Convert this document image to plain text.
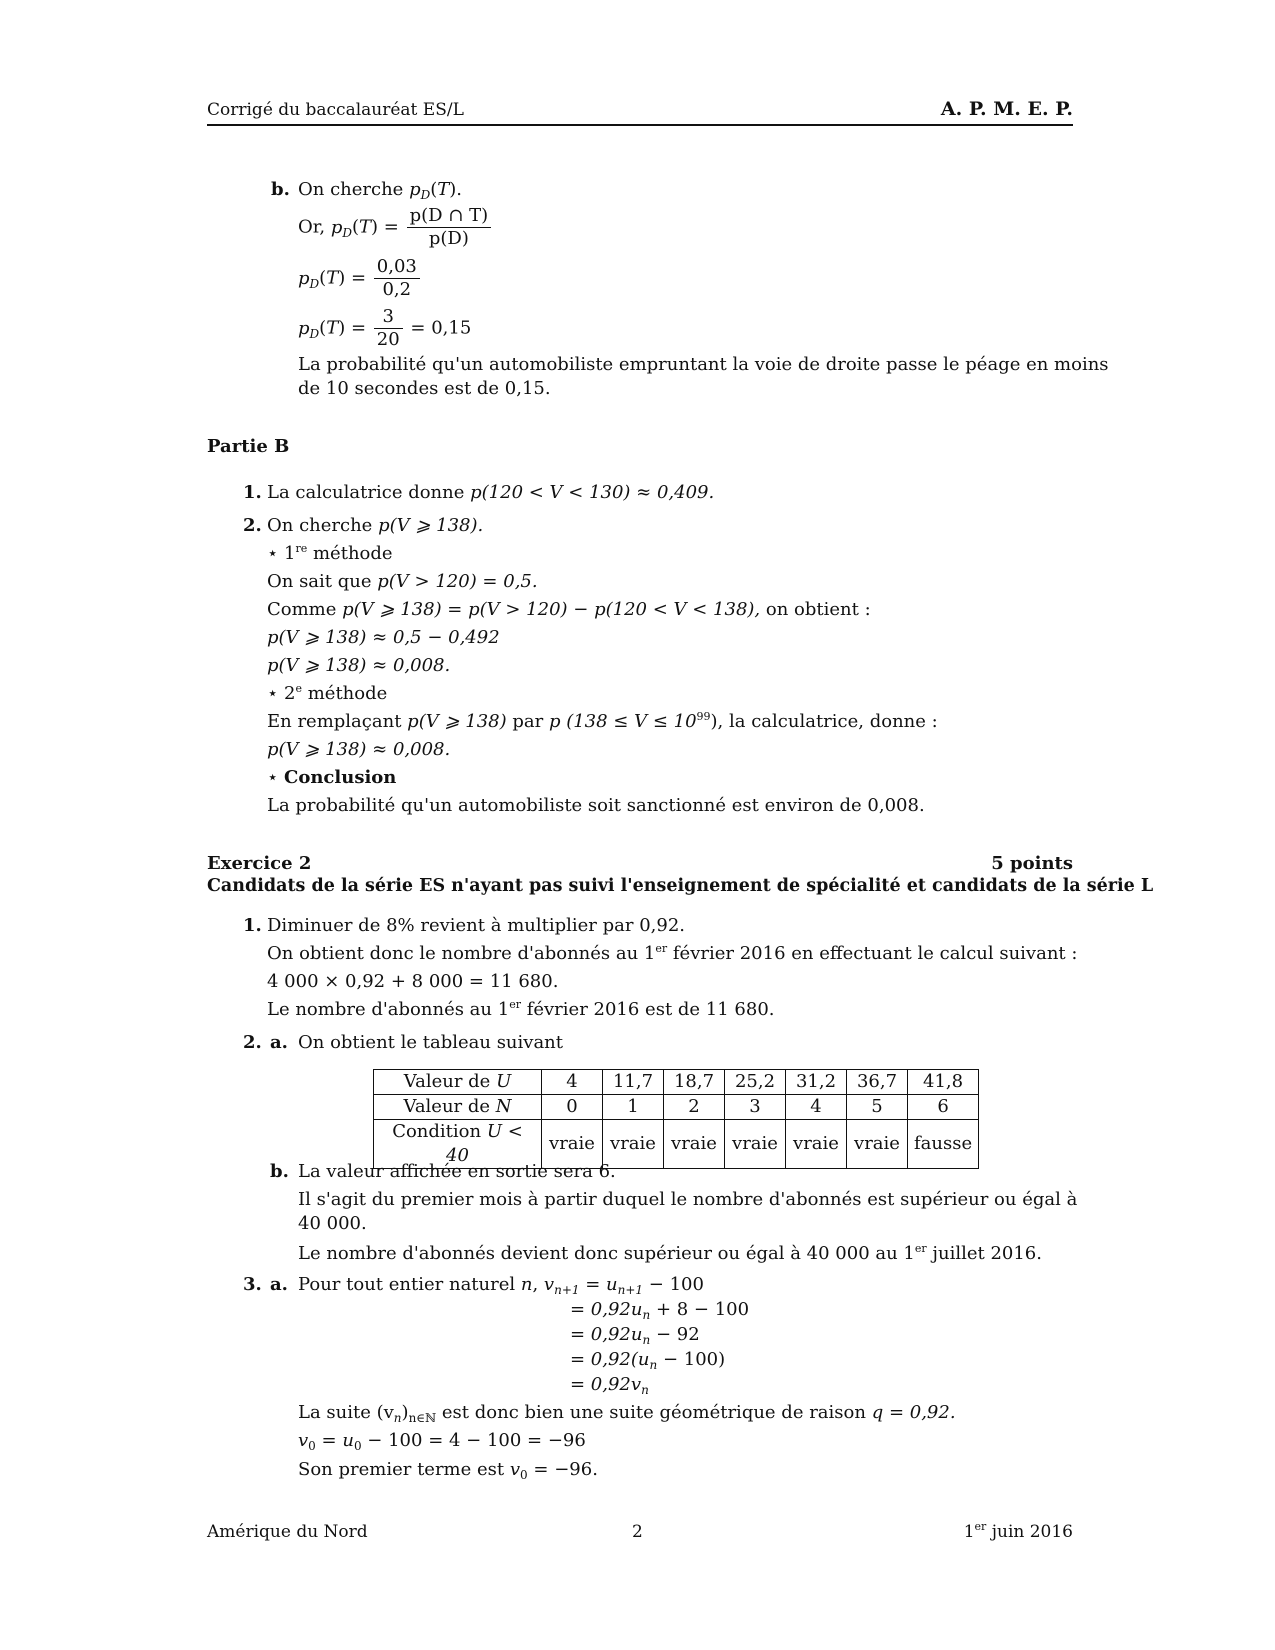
Corrigé du baccalauréat ES/L	A. P. M. E. P.
b. On cherche $p_D(T)$.
Or, $p_D(T) = \frac{p(D \cap T)}{p(D)}$
$p_D(T) = \frac{0,03}{0,2}$
$p_D(T) = \frac{3}{20} = 0,15$
La probabilité qu'un automobiliste empruntant la voie de droite passe le péage en moins
de 10 secondes est de 0,15.
Partie B
1. La calculatrice donne p(120 < V < 130) ≈ 0,409.
2. On cherche p(V ⩾ 138).
⋆ 1re méthode
On sait que p(V > 120) = 0,5.
Comme p(V ⩾ 138) = p(V > 120) − p(120 < V < 138), on obtient :
p(V ⩾ 138) ≈ 0,5 − 0,492
p(V ⩾ 138) ≈ 0,008.
⋆ 2e méthode
En remplaçant p(V ⩾ 138) par p $(138 \le V \le 10^{99})$, la calculatrice, donne :
p(V ⩾ 138) ≈ 0,008.
⋆ Conclusion
La probabilité qu'un automobiliste soit sanctionné est environ de 0,008.
Exercice 2	5 points
Candidats de la série ES n'ayant pas suivi l'enseignement de spécialité et candidats de la série L
1. Diminuer de 8% revient à multiplier par 0,92.
On obtient donc le nombre d'abonnés au 1er février 2016 en effectuant le calcul suivant :
4 000 × 0,92 + 8 000 = 11 680.
Le nombre d'abonnés au 1er février 2016 est de 11 680.
2. a. On obtient le tableau suivant
Valeur de U	4	11,7	18,7	25,2	31,2	36,7	41,8
Valeur de N	0	1	2	3	4	5	6
Condition U < 40	vraie	vraie	vraie	vraie	vraie	vraie	fausse
b. La valeur affichée en sortie sera 6.
Il s'agit du premier mois à partir duquel le nombre d'abonnés est supérieur ou égal à
40 000.
Le nombre d'abonnés devient donc supérieur ou égal à 40 000 au 1er juillet 2016.
3. a. Pour tout entier naturel n, $v_{n+1} = u_{n+1} - 100$
= $0,92u_n + 8 - 100$
= $0,92u_n - 92$
= $0,92(u_n - 100)$
= $0,92v_n$
La suite $(v_n)_{n\in ℕ}$ est donc bien une suite géométrique de raison q = 0,92.
$v_0 = u_0 - 100 = 4 - 100 = -96$
Son premier terme est $v_0 = -96$.
Amérique du Nord	2	1er juin 2016
